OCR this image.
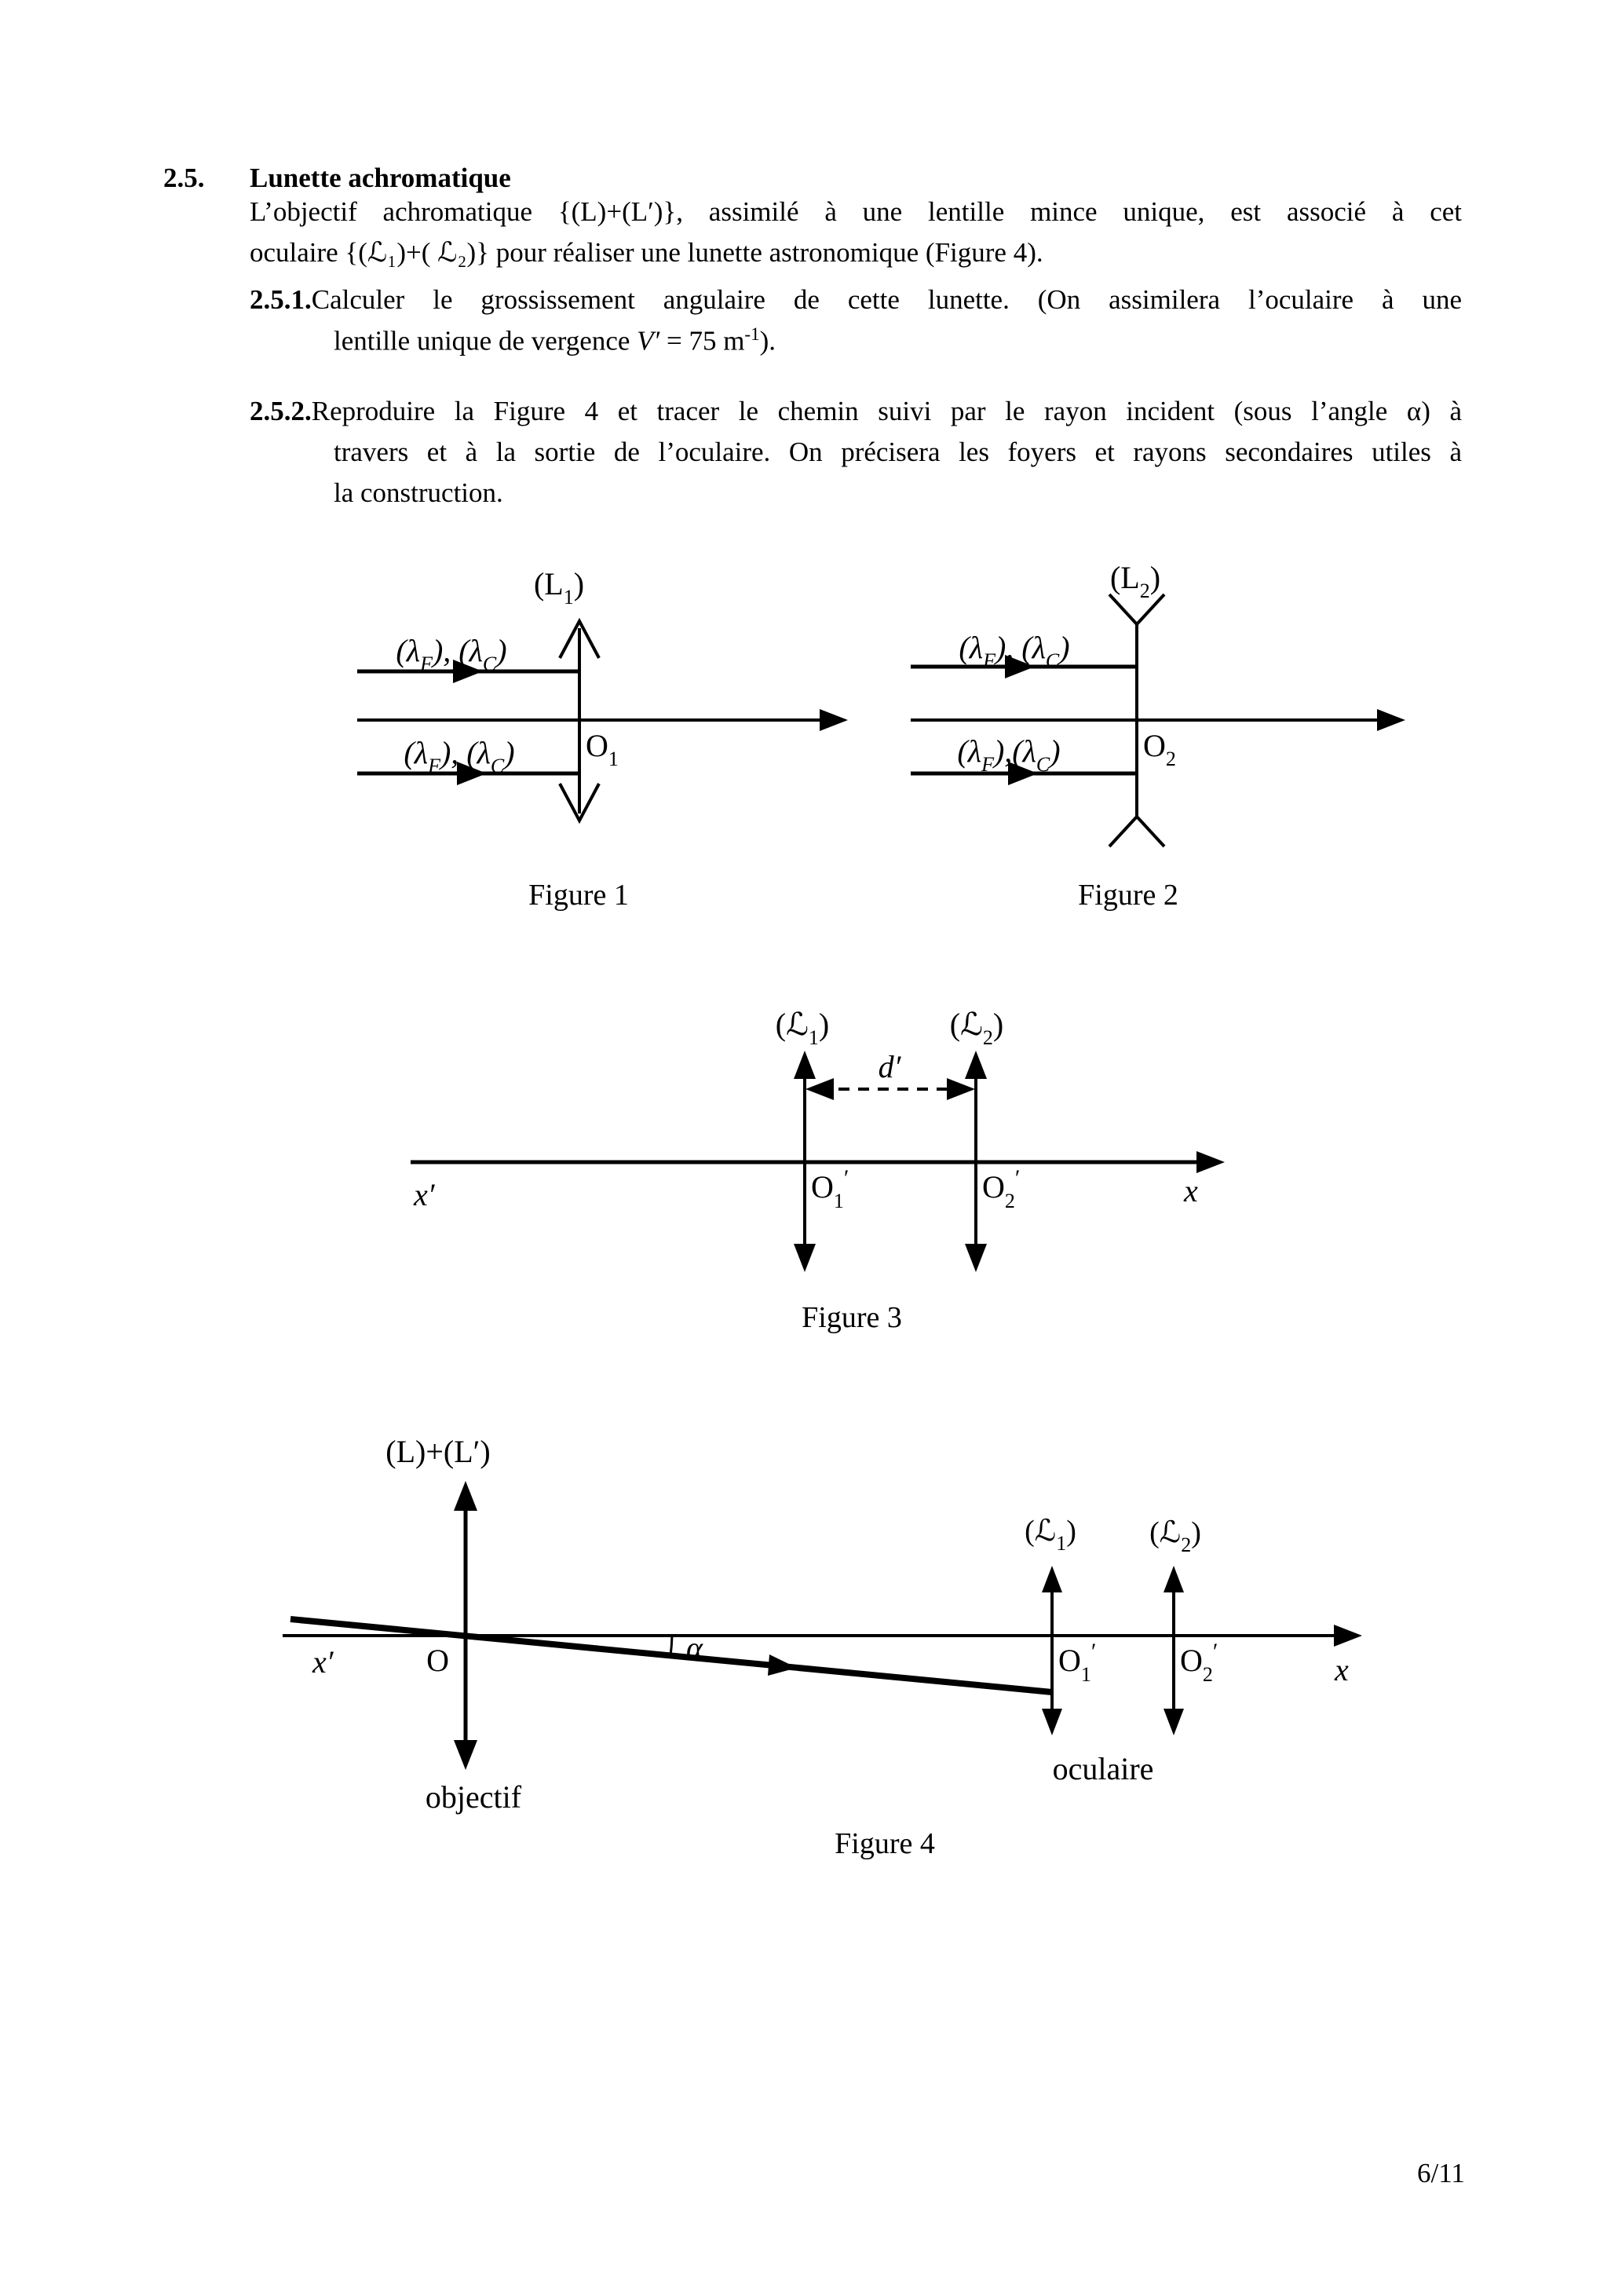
2.5. Lunette achromatique
L’objectif achromatique {(L)+(L′)}, assimilé à une lentille mince unique, est associé à cet
oculaire {(ℒ₁)+( ℒ₂)} pour réaliser une lunette astronomique (Figure 4).
2.5.1.Calculer le grossissement angulaire de cette lunette. (On assimilera l’oculaire à une
lentille unique de vergence V′ = 75 $m^{-1}$).
2.5.2.Reproduire la Figure 4 et tracer le chemin suivi par le rayon incident (sous l’angle α) à
travers et à la sortie de l’oculaire. On précisera les foyers et rayons secondaires utiles à
la construction.
$(L_1)$
$O_1$
$(\lambda_F)$, $(\lambda_C)$
$(\lambda_F)$, $(\lambda_C)$
Figure 1
$(L_2)$
$O_2$
$(\lambda_F)$, $(\lambda_C)$
$(\lambda_F),(\lambda_C)$
Figure 2
x′	x
d′
(ℒ$_1$)	(ℒ$_2$)
$O_1'$	$O_2'$
Figure 3
x′	x
(L)+(L′)
O
objectif
α
(ℒ$_1$) (ℒ$_2$)
$O_1'$	$O_2'$
oculaire
Figure 4
6/11
